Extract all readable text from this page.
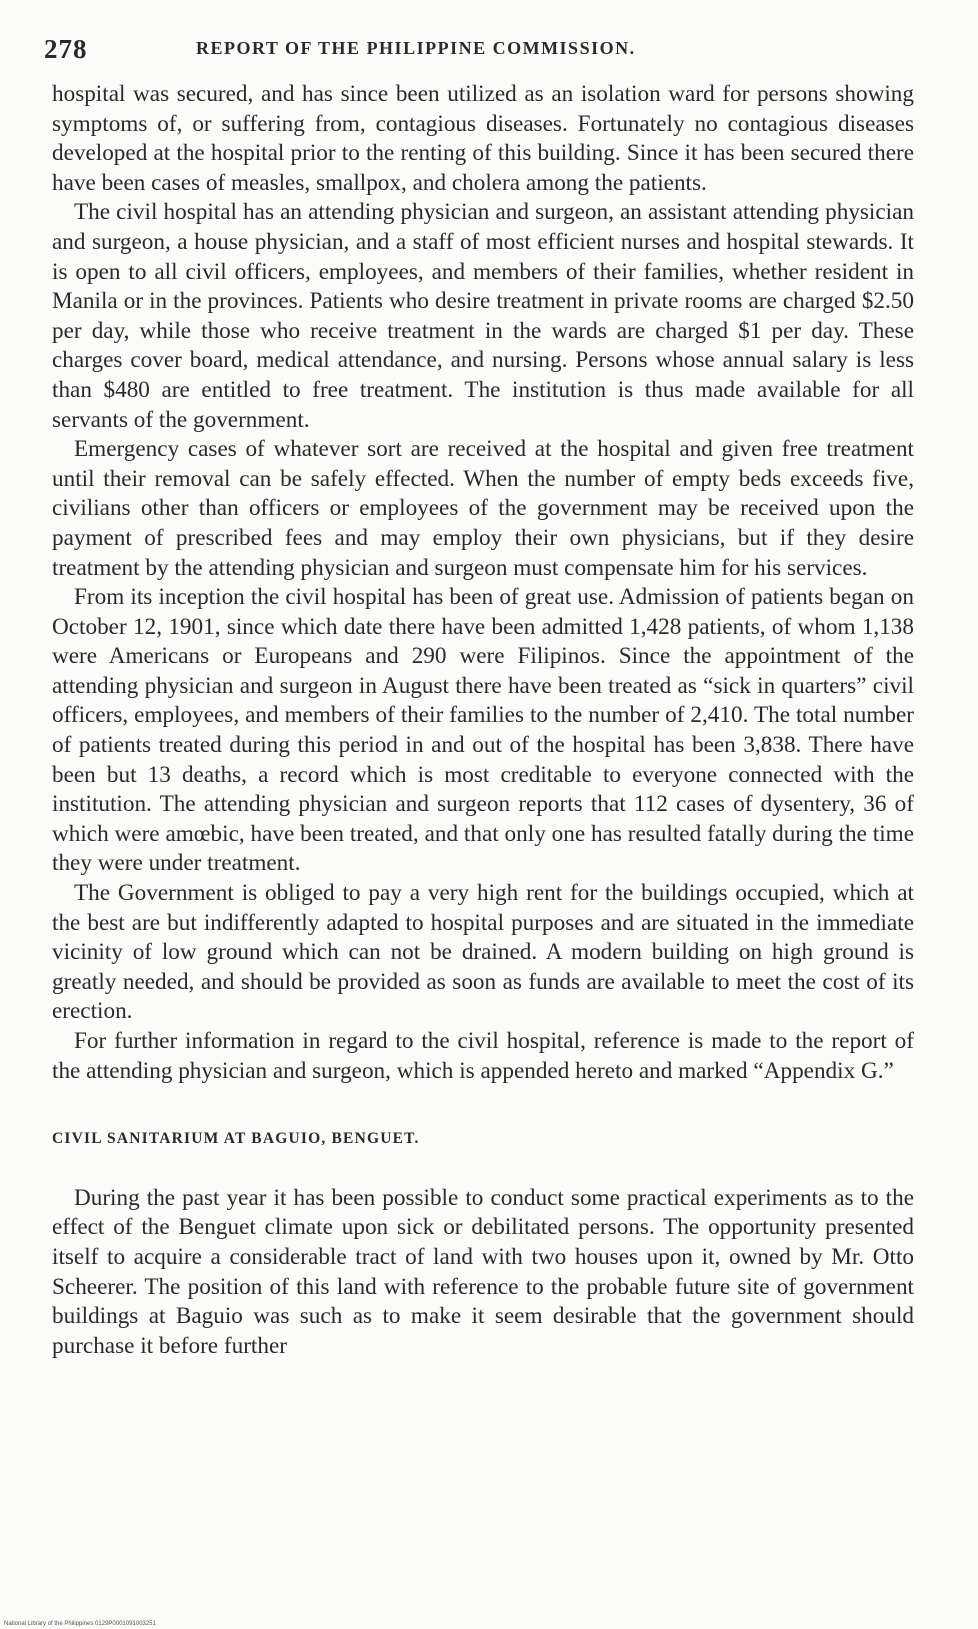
278	REPORT OF THE PHILIPPINE COMMISSION.

hospital was secured, and has since been utilized as an isolation ward for persons showing symptoms of, or suffering from, contagious diseases. Fortunately no contagious diseases developed at the hospital prior to the renting of this building. Since it has been secured there have been cases of measles, smallpox, and cholera among the patients.

The civil hospital has an attending physician and surgeon, an assistant attending physician and surgeon, a house physician, and a staff of most efficient nurses and hospital stewards. It is open to all civil officers, employees, and members of their families, whether resident in Manila or in the provinces. Patients who desire treatment in private rooms are charged $2.50 per day, while those who receive treatment in the wards are charged $1 per day. These charges cover board, medical attendance, and nursing. Persons whose annual salary is less than $480 are entitled to free treatment. The institution is thus made available for all servants of the government.

Emergency cases of whatever sort are received at the hospital and given free treatment until their removal can be safely effected. When the number of empty beds exceeds five, civilians other than officers or employees of the government may be received upon the payment of prescribed fees and may employ their own physicians, but if they desire treatment by the attending physician and surgeon must compensate him for his services.

From its inception the civil hospital has been of great use. Admission of patients began on October 12, 1901, since which date there have been admitted 1,428 patients, of whom 1,138 were Americans or Europeans and 290 were Filipinos. Since the appointment of the attending physician and surgeon in August there have been treated as “sick in quarters” civil officers, employees, and members of their families to the number of 2,410. The total number of patients treated during this period in and out of the hospital has been 3,838. There have been but 13 deaths, a record which is most creditable to everyone connected with the institution. The attending physician and surgeon reports that 112 cases of dysentery, 36 of which were amœbic, have been treated, and that only one has resulted fatally during the time they were under treatment.

The Government is obliged to pay a very high rent for the buildings occupied, which at the best are but indifferently adapted to hospital purposes and are situated in the immediate vicinity of low ground which can not be drained. A modern building on high ground is greatly needed, and should be provided as soon as funds are available to meet the cost of its erection.

For further information in regard to the civil hospital, reference is made to the report of the attending physician and surgeon, which is appended hereto and marked “Appendix G.”

CIVIL SANITARIUM AT BAGUIO, BENGUET.

During the past year it has been possible to conduct some practical experiments as to the effect of the Benguet climate upon sick or debilitated persons. The opportunity presented itself to acquire a considerable tract of land with two houses upon it, owned by Mr. Otto Scheerer. The position of this land with reference to the probable future site of government buildings at Baguio was such as to make it seem desirable that the government should purchase it before further

National Library of the Philippines 0129P0001091003251
